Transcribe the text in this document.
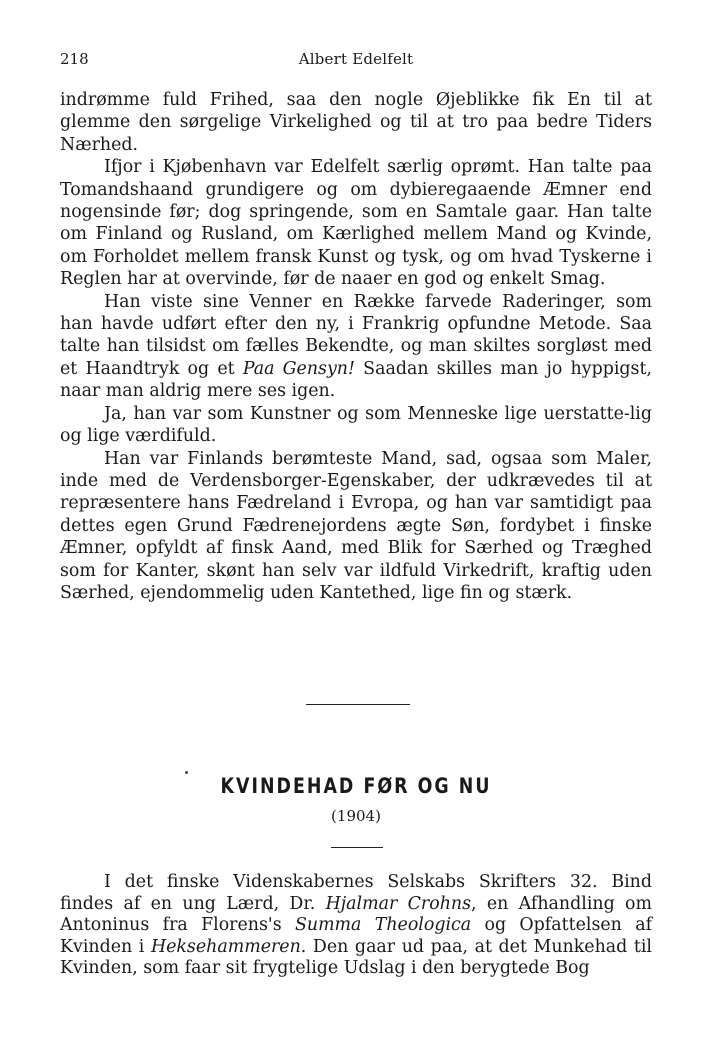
218	Albert Edelfelt

indrømme fuld Frihed, saa den nogle Øjeblikke fik En til at glemme den sørgelige Virkelighed og til at tro paa bedre Tiders Nærhed.

Ifjor i Kjøbenhavn var Edelfelt særlig oprømt. Han talte paa Tomandshaand grundigere og om dybieregaaende Æmner end nogensinde før; dog springende, som en Samtale gaar. Han talte om Finland og Rusland, om Kærlighed mellem Mand og Kvinde, om Forholdet mellem fransk Kunst og tysk, og om hvad Tyskerne i Reglen har at overvinde, før de naaer en god og enkelt Smag.

Han viste sine Venner en Række farvede Raderinger, som han havde udført efter den ny, i Frankrig opfundne Metode. Saa talte han tilsidst om fælles Bekendte, og man skiltes sorgløst med et Haandtryk og et Paa Gensyn! Saadan skilles man jo hyppigst, naar man aldrig mere ses igen.

Ja, han var som Kunstner og som Menneske lige uerstatte-lig og lige værdifuld.

Han var Finlands berømteste Mand, sad, ogsaa som Maler, inde med de Verdensborger-Egenskaber, der udkrævedes til at repræsentere hans Fædreland i Evropa, og han var samtidigt paa dettes egen Grund Fædrenejordens ægte Søn, fordybet i finske Æmner, opfyldt af finsk Aand, med Blik for Særhed og Træghed som for Kanter, skønt han selv var ildfuld Virkedrift, kraftig uden Særhed, ejendommelig uden Kantethed, lige fin og stærk.

KVINDEHAD FØR OG NU
(1904)

I det finske Videnskabernes Selskabs Skrifters 32. Bind findes af en ung Lærd, Dr. Hjalmar Crohns, en Afhandling om Antoninus fra Florens's Summa Theologica og Opfattelsen af Kvinden i Heksehammeren. Den gaar ud paa, at det Munkehad til Kvinden, som faar sit frygtelige Udslag i den berygtede Bog
